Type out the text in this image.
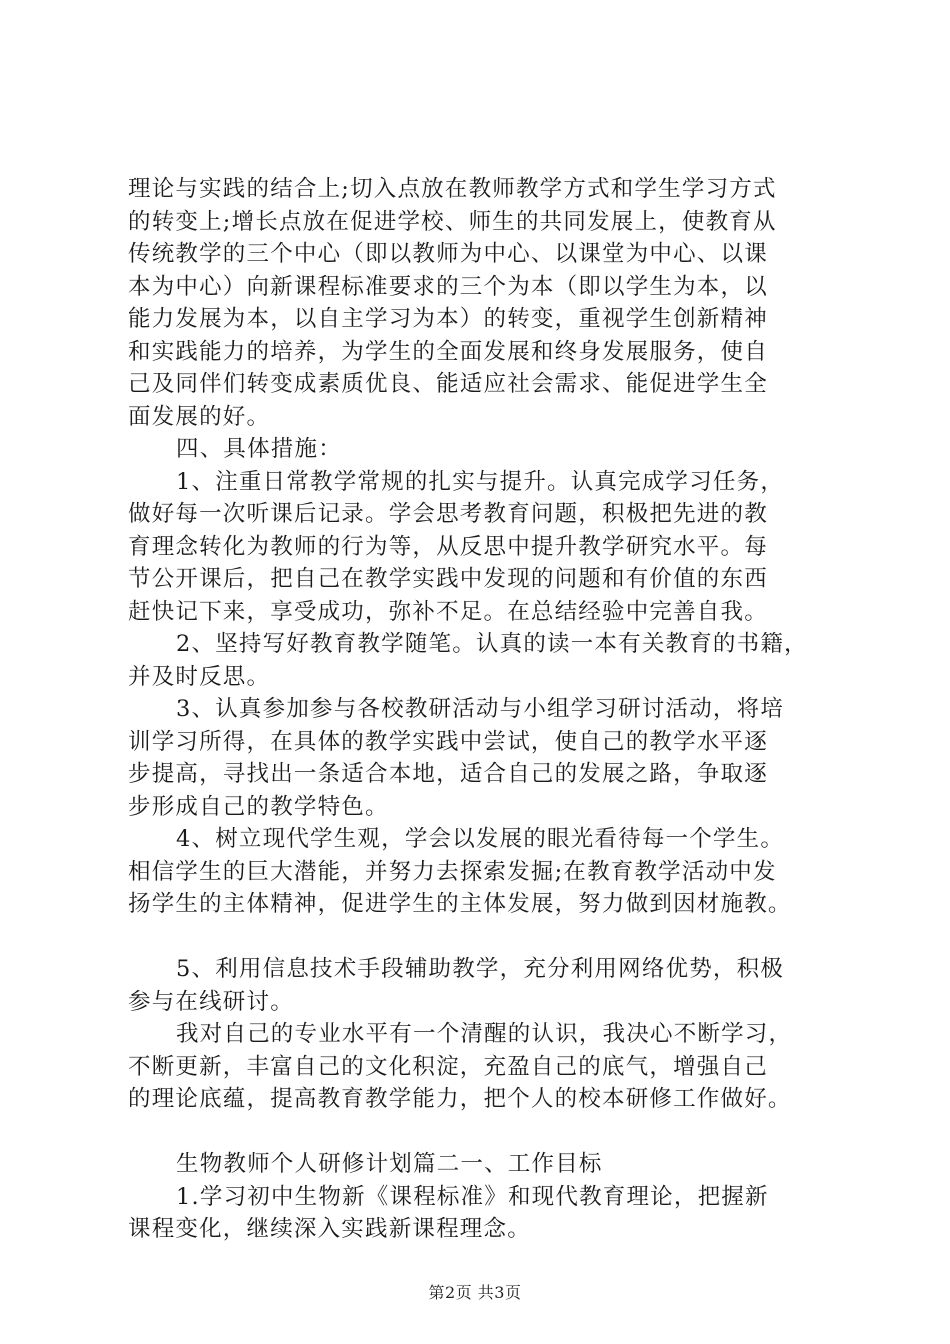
理论与实践的结合上;切入点放在教师教学方式和学生学习方式
的转变上;增长点放在促进学校、师生的共同发展上，使教育从
传统教学的三个中心（即以教师为中心、以课堂为中心、以课
本为中心）向新课程标准要求的三个为本（即以学生为本，以
能力发展为本，以自主学习为本）的转变，重视学生创新精神
和实践能力的培养，为学生的全面发展和终身发展服务，使自
己及同伴们转变成素质优良、能适应社会需求、能促进学生全
面发展的好。
四、具体措施：
1、注重日常教学常规的扎实与提升。认真完成学习任务，
做好每一次听课后记录。学会思考教育问题，积极把先进的教
育理念转化为教师的行为等，从反思中提升教学研究水平。每
节公开课后，把自己在教学实践中发现的问题和有价值的东西
赶快记下来，享受成功，弥补不足。在总结经验中完善自我。
2、坚持写好教育教学随笔。认真的读一本有关教育的书籍，
并及时反思。
3、认真参加参与各校教研活动与小组学习研讨活动，将培
训学习所得，在具体的教学实践中尝试，使自己的教学水平逐
步提高，寻找出一条适合本地，适合自己的发展之路，争取逐
步形成自己的教学特色。
4、树立现代学生观，学会以发展的眼光看待每一个学生。
相信学生的巨大潜能，并努力去探索发掘;在教育教学活动中发
扬学生的主体精神，促进学生的主体发展，努力做到因材施教。
5、利用信息技术手段辅助教学，充分利用网络优势，积极
参与在线研讨。
我对自己的专业水平有一个清醒的认识，我决心不断学习，
不断更新，丰富自己的文化积淀，充盈自己的底气，增强自己
的理论底蕴，提高教育教学能力，把个人的校本研修工作做好。
生物教师个人研修计划篇二一、工作目标
1.学习初中生物新《课程标准》和现代教育理论，把握新
课程变化，继续深入实践新课程理念。
第2页 共3页
